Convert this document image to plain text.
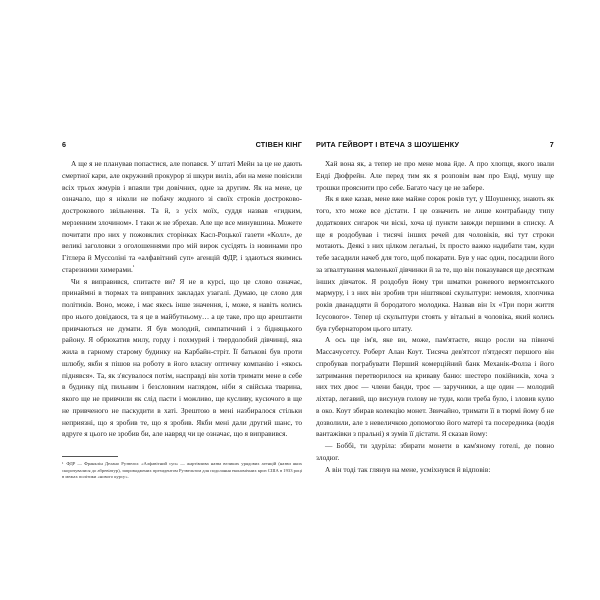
6	СТІВЕН КІНГ

А ще я не планував попастися, але попався. У штаті Мейн за це не дають смертної кари, але окружний прокурор зі шкури виліз, аби на мене повісили всіх трьох жмурів і впаяли три довічних, одне за другим. Як на мене, це означало, що я ніколи не побачу жодного зі своїх строків достроково-дострокового звільнення. Та й, з усіх моїх, суддя назвав «гидким, мерзенним злочином». І таки ж не збрехав. Але ще все минувшина. Можете почитати про них у пожовклих сторінках Касл-Роцької газети «Колл», де великі заголовки з оголошеннями про мій вирок сусідять із новинами про Гітлера й Муссоліні та «алфавітний суп» агенцій ФДР, і здаються якимись старезними химерами.$^{^1}$

Чи я виправився, спитаєте ви? Я не в курсі, що це слово означає, принаймні в тюрмах та виправних закладах узагалі. Думаю, це слово для політиків. Воно, може, і має якесь інше значення, і, може, я навіть колись про нього довідаюся, та я це в майбутньому… а це таке, про що арештанти привчаються не думати. Я був молодий, симпатичний і з бідняцького району. Я обрюхатив милу, горду і похмурий і твердолобий дівчинці, яка жила в гарному старому будинку на Карбайн-стріт. Її батькові був проти шлюбу, якби я пішов на роботу в його власну оптичну компанію і «якось піднявся». Та, як з'ясувалося потім, насправді він хотів тримати мене в себе в будинку під пильним і безсловним наглядом, ніби я свійська тварина, якого ще не привчили як слід пасти і можливо, ще кусливу, кусючого в ще не привченого не паскудити в хаті. Зрештою в мені назбиралося стільки неприязні, що я зробив те, що я зробив. Якби мені дали другий шанс, то вдруге я цього не зробив би, але навряд чи це означає, що я виправився.

¹ ФДР — Франклін Делано Рузвельт. «Алфавітний суп» — жартівлива назва великих урядових агенцій (назви яких скорочувалися до абревіатур), запроваджених президентом Рузвельтом для подолання економічних криз США в 1933 році в межах політики «нового курсу».
РИТА ГЕЙВОРТ І ВТЕЧА З ШОУШЕНКУ	7

Хай вона як, а тепер не про мене мова йде. А про хлопця, якого звали Енді Дюфрейн. Але перед тим як я розповім вам про Енді, мушу ще трошки прояснити про себе. Багато часу це не забере.

Як я вже казав, мене вже майже сорок років тут, у Шоушенку, знають як того, хто може все дістати. І це означить не лише контрабанду типу додаткових сигарок чи віскі, хоча ці пункти завжди першими в списку. А ще я роздобував і тисячі інших речей для чоловіків, які тут строки мотають. Деякі з них цілком легальні, їх просто важко надибати там, куди тебе засадили начеб для того, щоб покарати. Був у нас один, посадили його за зґвалтування маленької дівчинки й за те, що він показувався ще десяткам інших дівчаток. Я роздобув йому три шматки рожевого вермонтського мармуру, і з них він зробив три ніштякові скульптури: немовля, хлопчика років дванадцяти й бородатого молодика. Назвав він їх «Три пори життя Ісусового». Тепер ці скульптури стоять у вітальні в чоловіка, який колись був губернатором цього штату.

А ось ще ім'я, яке ви, може, пам'ятаєте, якщо росли на півночі Массачусетсу. Роберт Алан Коут. Тисяча дев'ятсот п'ятдесят першого він спробував пограбувати Перший комерційний банк Механік-Фолза і його затримання перетворилося на криваву баню: шестеро покійників, хоча з них тих двоє — члени банди, троє — заручники, а ще один — молодий ліхтар, легавий, що висунув голову не туди, коли треба було, і зловив кулю в око. Коут збирав колекцію монет. Звичайно, тримати її в тюрмі йому б не дозволили, але з невеличкою допомогою його матері та посередника (водія вантажівки з пральні) я зумів її дістати. Я сказав йому:

— Боббі, ти здуріла: збирати монети в кам'яному готелі, де повно злодюг.

А він тоді так глянув на мене, усміхнувся й відповів:
